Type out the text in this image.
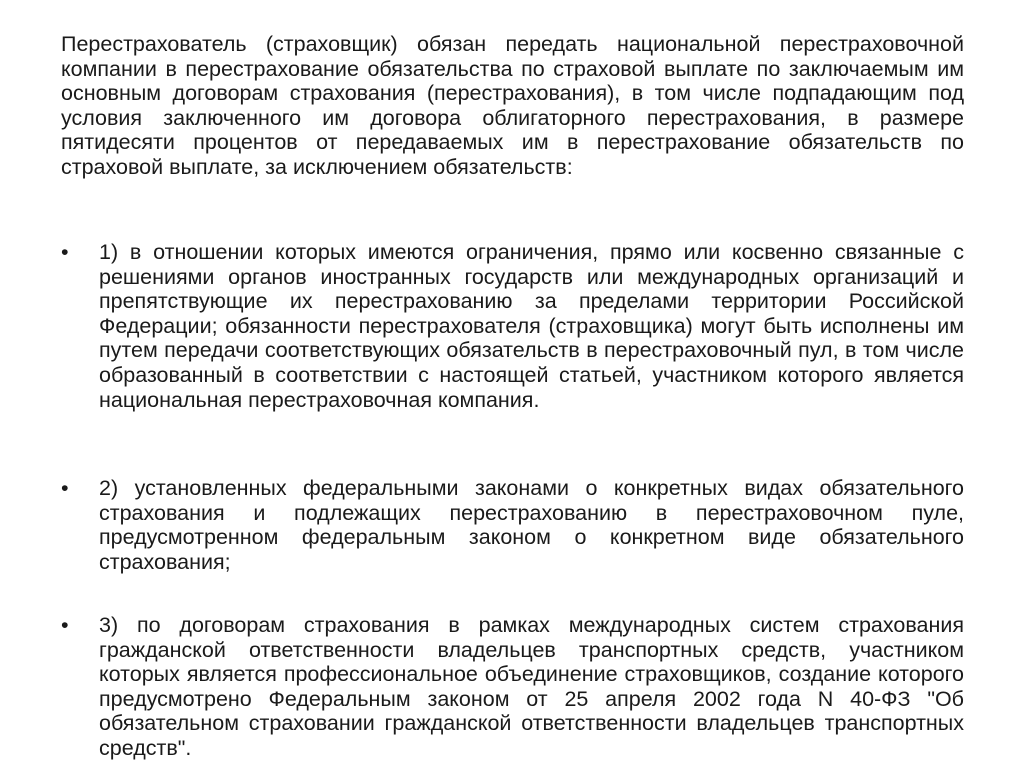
Перестрахователь (страховщик) обязан передать национальной перестраховочной компании в перестрахование обязательства по страховой выплате по заключаемым им основным договорам страхования (перестрахования), в том числе подпадающим под условия заключенного им договора облигаторного перестрахования, в размере пятидесяти процентов от передаваемых им в перестрахование обязательств по страховой выплате, за исключением обязательств:
• 1) в отношении которых имеются ограничения, прямо или косвенно связанные с решениями органов иностранных государств или международных организаций и препятствующие их перестрахованию за пределами территории Российской Федерации; обязанности перестрахователя (страховщика) могут быть исполнены им путем передачи соответствующих обязательств в перестраховочный пул, в том числе образованный в соответствии с настоящей статьей, участником которого является национальная перестраховочная компания.
• 2) установленных федеральными законами о конкретных видах обязательного страхования и подлежащих перестрахованию в перестраховочном пуле, предусмотренном федеральным законом о конкретном виде обязательного страхования;
• 3) по договорам страхования в рамках международных систем страхования гражданской ответственности владельцев транспортных средств, участником которых является профессиональное объединение страховщиков, создание которого предусмотрено Федеральным законом от 25 апреля 2002 года N 40-ФЗ "Об обязательном страховании гражданской ответственности владельцев транспортных средств".
